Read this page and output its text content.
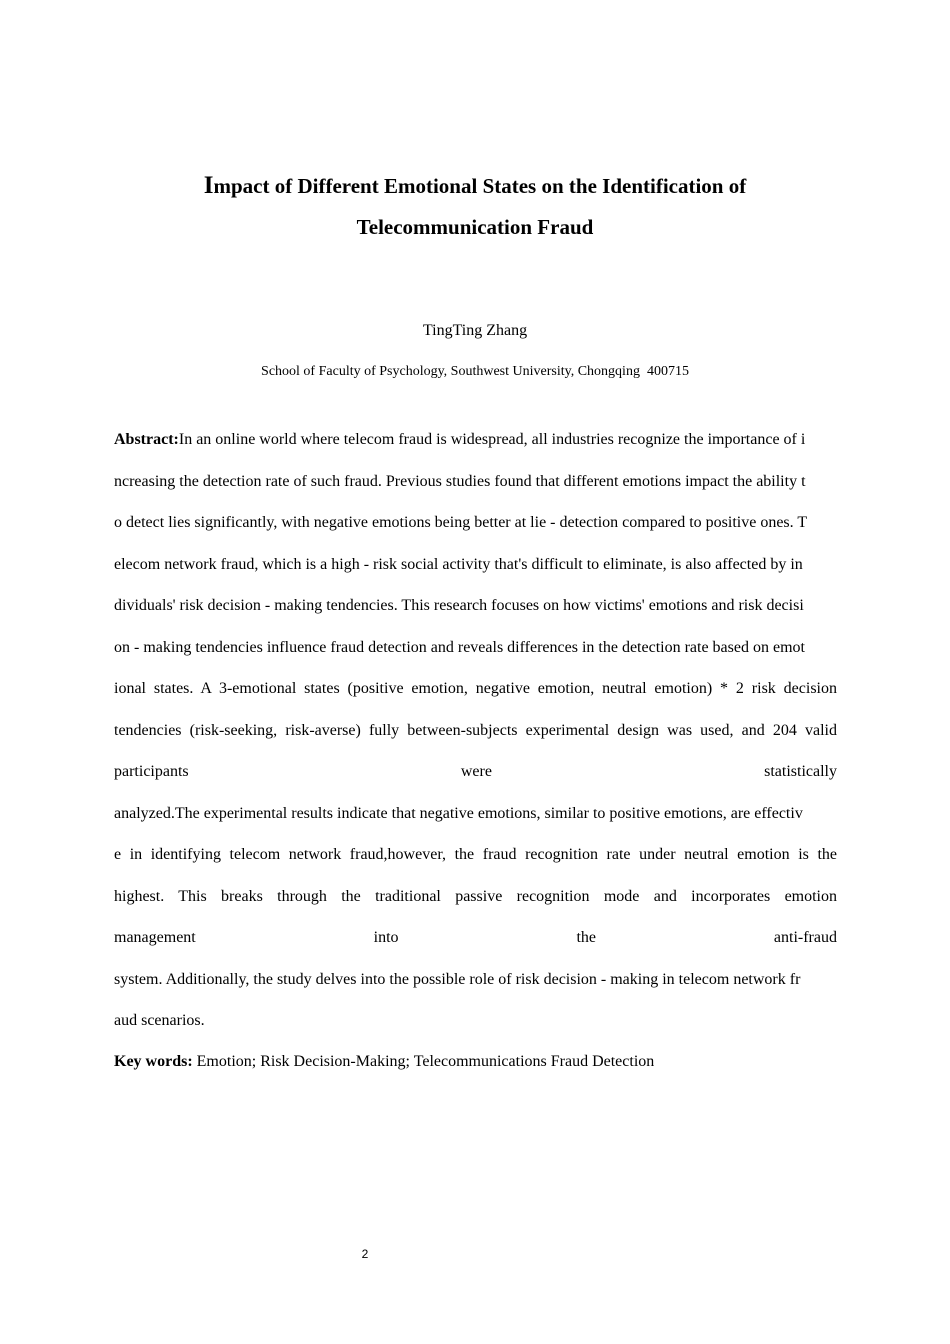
Impact of Different Emotional States on the Identification of
Telecommunication Fraud
TingTing Zhang
School of Faculty of Psychology, Southwest University, Chongqing  400715
Abstract:In an online world where telecom fraud is widespread, all industries recognize the importance of i
ncreasing the detection rate of such fraud. Previous studies found that different emotions impact the ability t
o detect lies significantly, with negative emotions being better at lie - detection compared to positive ones. T
elecom network fraud, which is a high - risk social activity that's difficult to eliminate, is also affected by in
dividuals' risk decision - making tendencies. This research focuses on how victims' emotions and risk decisi
on - making tendencies influence fraud detection and reveals differences in the detection rate based on emot
ional states. A 3-emotional states (positive emotion, negative emotion, neutral emotion) * 2 risk decision
tendencies (risk-seeking, risk-averse) fully between-subjects experimental design was used, and 204 valid
participants	were	statistically
analyzed.The experimental results indicate that negative emotions, similar to positive emotions, are effectiv
e in identifying telecom network fraud,however, the fraud recognition rate under neutral emotion is the
highest. This breaks through the traditional passive recognition mode and incorporates emotion
management	into	the	anti-fraud
system. Additionally, the study delves into the possible role of risk decision - making in telecom network fr
aud scenarios.
Key words: Emotion; Risk Decision-Making; Telecommunications Fraud Detection
2
